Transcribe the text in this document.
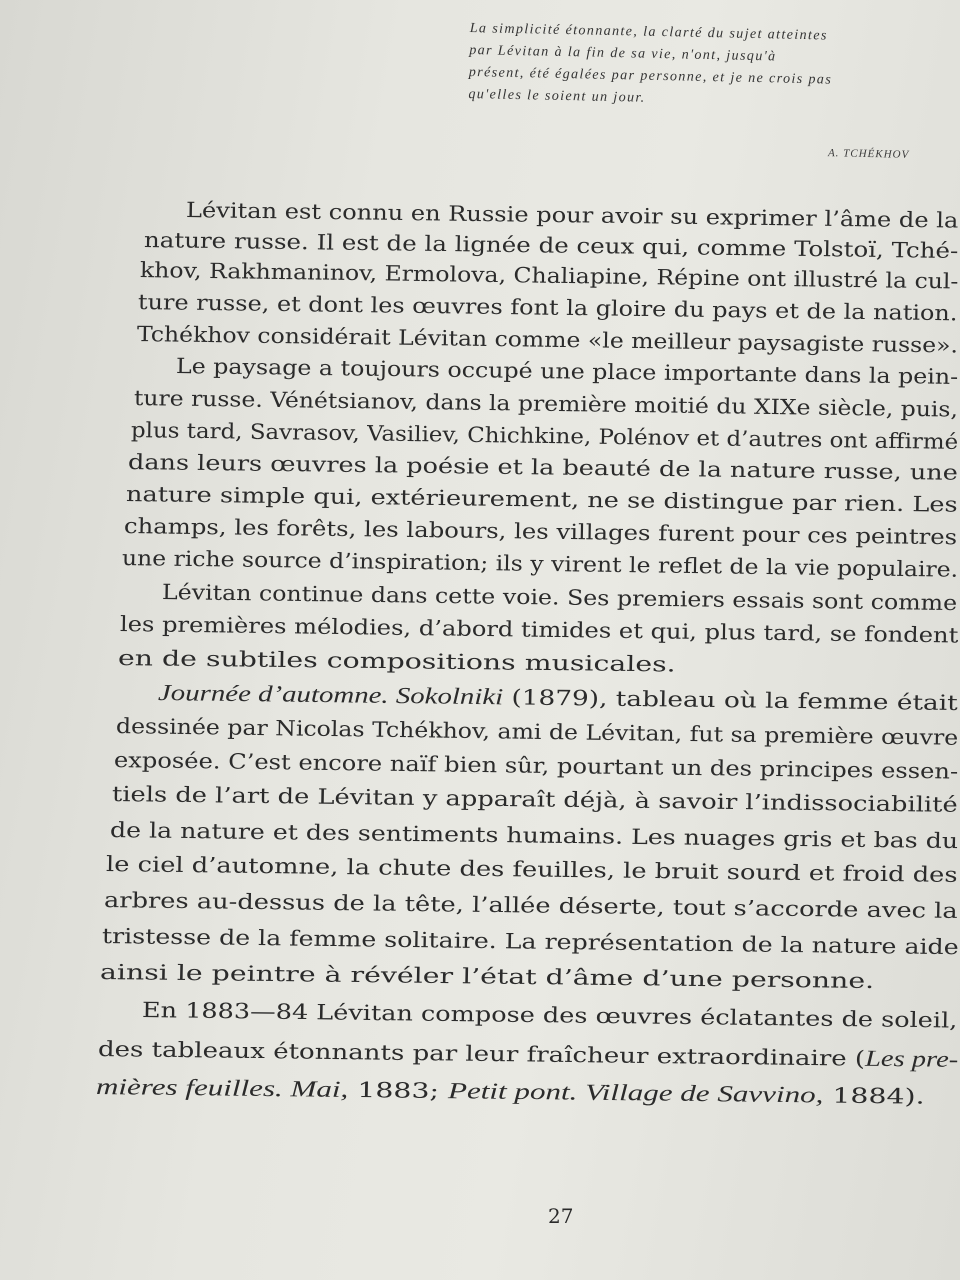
La simplicité étonnante, la clarté du sujet atteintes
par Lévitan à la fin de sa vie, n'ont, jusqu'à
présent, été égalées par personne, et je ne crois pas
qu'elles le soient un jour.
A. TCHÉKHOV
Lévitan est connu en Russie pour avoir su exprimer l’âme de la
nature russe. Il est de la lignée de ceux qui, comme Tolstoï, Tché-
khov, Rakhmaninov, Ermolova, Chaliapine, Répine ont illustré la cul-
ture russe, et dont les œuvres font la gloire du pays et de la nation.
Tchékhov considérait Lévitan comme «le meilleur paysagiste russe».
Le paysage a toujours occupé une place importante dans la pein-
ture russe. Vénétsianov, dans la première moitié du XIXe siècle, puis,
plus tard, Savrasov, Vasiliev, Chichkine, Polénov et d’autres ont affirmé
dans leurs œuvres la poésie et la beauté de la nature russe, une
nature simple qui, extérieurement, ne se distingue par rien. Les
champs, les forêts, les labours, les villages furent pour ces peintres
une riche source d’inspiration; ils y virent le reflet de la vie populaire.
Lévitan continue dans cette voie. Ses premiers essais sont comme
les premières mélodies, d’abord timides et qui, plus tard, se fondent
en de subtiles compositions musicales.
Journée d’automne. Sokolniki (1879), tableau où la femme était
dessinée par Nicolas Tchékhov, ami de Lévitan, fut sa première œuvre
exposée. C’est encore naïf bien sûr, pourtant un des principes essen-
tiels de l’art de Lévitan y apparaît déjà, à savoir l’indissociabilité
de la nature et des sentiments humains. Les nuages gris et bas du
le ciel d’automne, la chute des feuilles, le bruit sourd et froid des
arbres au-dessus de la tête, l’allée déserte, tout s’accorde avec la
tristesse de la femme solitaire. La représentation de la nature aide
ainsi le peintre à révéler l’état d’âme d’une personne.
En 1883—84 Lévitan compose des œuvres éclatantes de soleil,
des tableaux étonnants par leur fraîcheur extraordinaire (Les pre-
mières feuilles. Mai, 1883; Petit pont. Village de Savvino, 1884).
27
